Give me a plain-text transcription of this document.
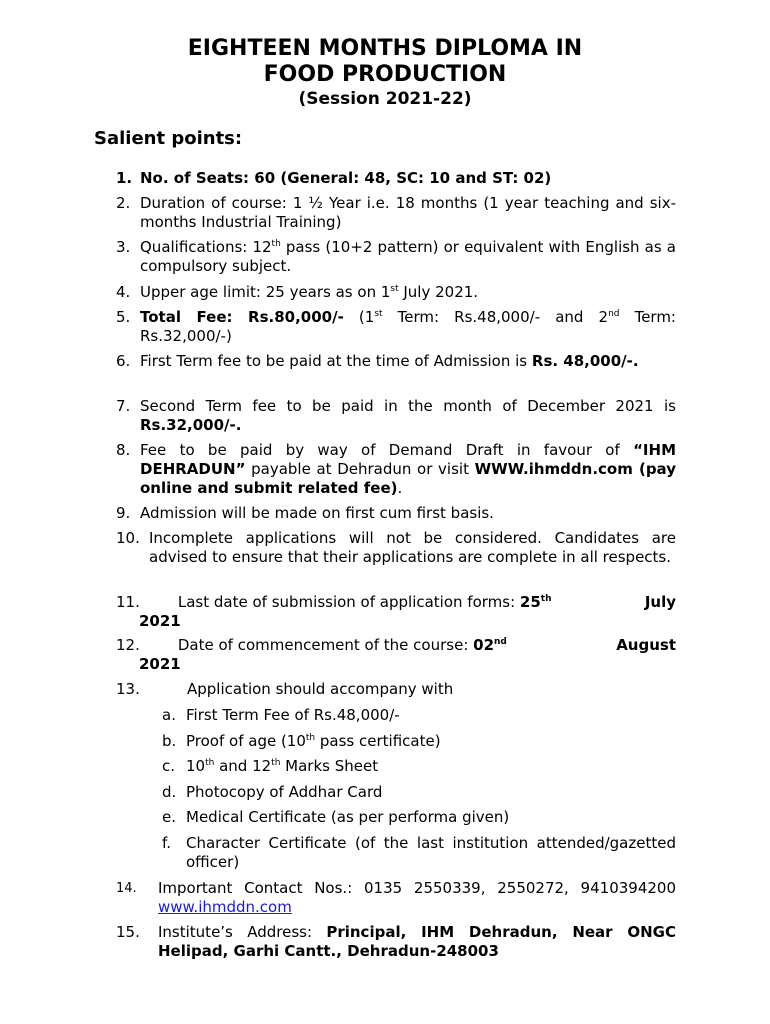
EIGHTEEN MONTHS DIPLOMA IN
FOOD PRODUCTION
(Session 2021-22)
Salient points:
1. No. of Seats: 60 (General: 48, SC: 10 and ST: 02)
2. Duration of course: 1 ½ Year i.e. 18 months (1 year teaching and six-months Industrial Training)
3. Qualifications: 12th pass (10+2 pattern) or equivalent with English as a compulsory subject.
4. Upper age limit: 25 years as on 1st July 2021.
5. Total Fee: Rs.80,000/- (1st Term: Rs.48,000/- and 2nd Term: Rs.32,000/-)
6. First Term fee to be paid at the time of Admission is Rs. 48,000/-.
7. Second Term fee to be paid in the month of December 2021 is Rs.32,000/-.
8. Fee to be paid by way of Demand Draft in favour of “IHM DEHRADUN” payable at Dehradun or visit WWW.ihmddn.com (pay online and submit related fee).
9. Admission will be made on first cum first basis.
10. Incomplete applications will not be considered. Candidates are advised to ensure that their applications are complete in all respects.
11.	Last date of submission of application forms: 25th	July
2021
12.	Date of commencement of the course: 02nd	August
2021
13.	Application should accompany with
a. First Term Fee of Rs.48,000/-
b. Proof of age (10th pass certificate)
c. 10th and 12th Marks Sheet
d. Photocopy of Addhar Card
e. Medical Certificate (as per performa given)
f. Character Certificate (of the last institution attended/gazetted officer)
14. Important Contact Nos.: 0135 2550339, 2550272, 9410394200 www.ihmddn.com
15. Institute’s Address: Principal, IHM Dehradun, Near ONGC Helipad, Garhi Cantt., Dehradun-248003
